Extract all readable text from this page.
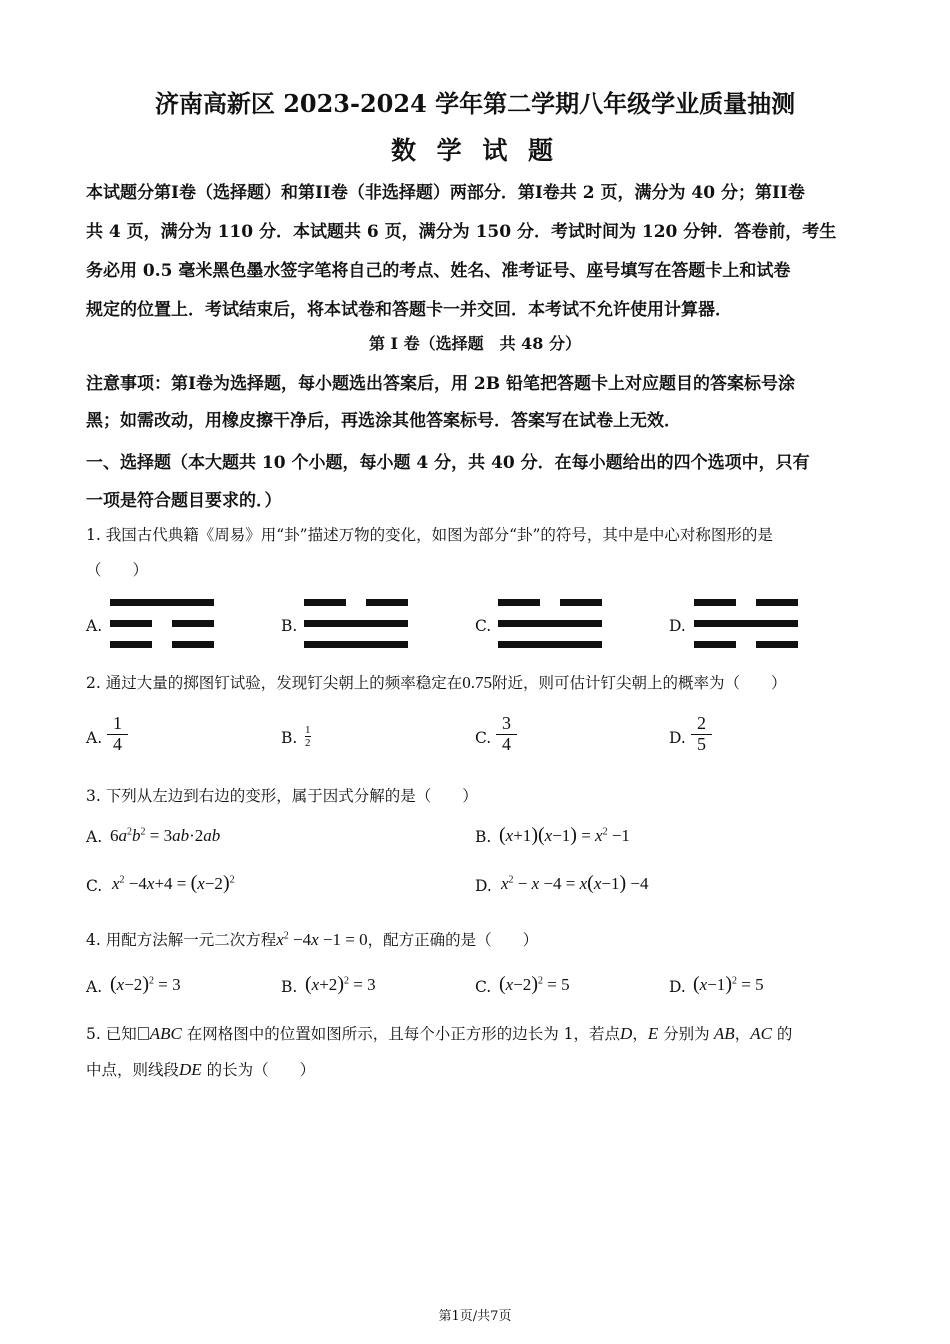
济南高新区 2023-2024 学年第二学期八年级学业质量抽测
数 学 试 题
本试题分第I卷（选择题）和第II卷（非选择题）两部分．第I卷共 2 页，满分为 40 分；第II卷
共 4 页，满分为 110 分．本试题共 6 页，满分为 150 分．考试时间为 120 分钟．答卷前，考生
务必用 0.5 毫米黑色墨水签字笔将自己的考点、姓名、准考证号、座号填写在答题卡上和试卷
规定的位置上．考试结束后，将本试卷和答题卡一并交回．本考试不允许使用计算器．
第 I 卷（选择题　共 48 分）
注意事项：第I卷为选择题，每小题选出答案后，用 2B 铅笔把答题卡上对应题目的答案标号涂
黑；如需改动，用橡皮擦干净后，再选涂其他答案标号．答案写在试卷上无效．
一、选择题（本大题共 10 个小题，每小题 4 分，共 40 分．在每小题给出的四个选项中，只有
一项是符合题目要求的．）
1. 我国古代典籍《周易》用“卦”描述万物的变化，如图为部分“卦”的符号，其中是中心对称图形的是
（　　）
A.	B.	C.	D.
2. 通过大量的掷图钉试验，发现钉尖朝上的频率稳定在0.75附近，则可估计钉尖朝上的概率为（　　）
A. $\frac{1}{4}$	B. $\frac{1}{2}$	C. $\frac{3}{4}$	D. $\frac{2}{5}$
3. 下列从左边到右边的变形，属于因式分解的是（　　）
A. $6a^2b^2 = 3ab\cdot 2ab$	B. $(x+1)(x-1) = x^2 -1$
C. $x^2 -4x+4 = (x-2)^2$	D. $x^2 - x -4 = x(x-1) -4$
4. 用配方法解一元二次方程$x^2 -4x -1 = 0$，配方正确的是（　　）
A. $(x-2)^2 = 3$	B. $(x+2)^2 = 3$	C. $(x-2)^2 = 5$	D. $(x-1)^2 = 5$
5. 已知 ABC 在网格图中的位置如图所示，且每个小正方形的边长为 1，若点D，E 分别为 AB，AC 的
中点，则线段DE 的长为（　　）
第1页/共7页
